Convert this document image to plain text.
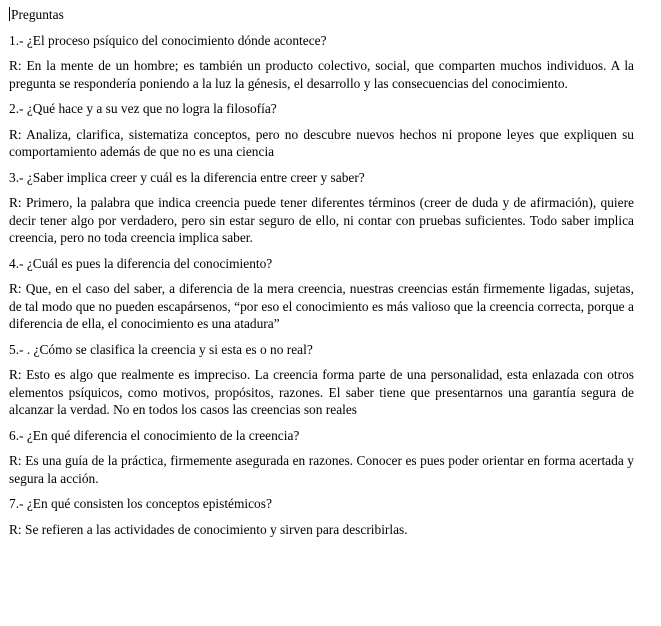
Preguntas

1.- ¿El proceso psíquico del conocimiento dónde acontece?

R: En la mente de un hombre; es también un producto colectivo, social, que comparten muchos individuos. A la pregunta se respondería poniendo a la luz la génesis, el desarrollo y las consecuencias del conocimiento.

2.- ¿Qué hace y a su vez que no logra la filosofía?

R: Analiza, clarifica, sistematiza conceptos, pero no descubre nuevos hechos ni propone leyes que expliquen su comportamiento además de que no es una ciencia

3.- ¿Saber implica creer y cuál es la diferencia entre creer y saber?

R: Primero, la palabra que indica creencia puede tener diferentes términos (creer de duda y de afirmación), quiere decir tener algo por verdadero, pero sin estar seguro de ello, ni contar con pruebas suficientes. Todo saber implica creencia, pero no toda creencia implica saber.

4.- ¿Cuál es pues la diferencia del conocimiento?

R: Que, en el caso del saber, a diferencia de la mera creencia, nuestras creencias están firmemente ligadas, sujetas, de tal modo que no pueden escapársenos, “por eso el conocimiento es más valioso que la creencia correcta, porque a diferencia de ella, el conocimiento es una atadura”

5.- . ¿Cómo se clasifica la creencia y si esta es o no real?

R: Esto es algo que realmente es impreciso. La creencia forma parte de una personalidad, esta enlazada con otros elementos psíquicos, como motivos, propósitos, razones. El saber tiene que presentarnos una garantía segura de alcanzar la verdad. No en todos los casos las creencias son reales

6.- ¿En qué diferencia el conocimiento de la creencia?

R: Es una guía de la práctica, firmemente asegurada en razones. Conocer es pues poder orientar en forma acertada y segura la acción.

7.- ¿En qué consisten los conceptos epistémicos?

R: Se refieren a las actividades de conocimiento y sirven para describirlas.
